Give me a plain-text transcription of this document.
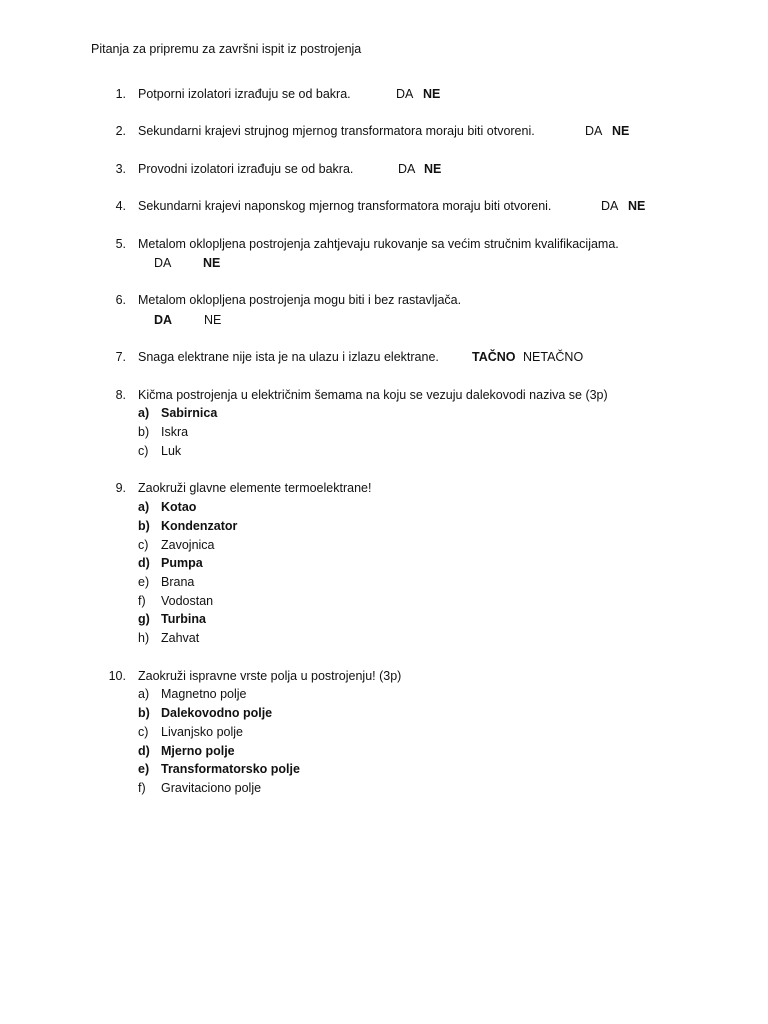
Pitanja za pripremu za završni ispit iz postrojenja
1. Potporni izolatori izrađuju se od bakra.	DA NE
2. Sekundarni krajevi strujnog mjernog transformatora moraju biti otvoreni.	DA NE
3. Provodni izolatori izrađuju se od bakra.	DA NE
4. Sekundarni krajevi naponskog mjernog transformatora moraju biti otvoreni.	DA NE
5. Metalom oklopljena postrojenja zahtjevaju rukovanje sa većim stručnim kvalifikacijama.
DA	NE
6. Metalom oklopljena postrojenja mogu biti i bez rastavljača.
DA	NE
7. Snaga elektrane nije ista je na ulazu i izlazu elektrane.	TAČNO NETAČNO
8. Kičma postrojenja u električnim šemama na koju se vezuju dalekovodi naziva se (3p)
a) Sabirnica
b) Iskra
c) Luk
9. Zaokruži glavne elemente termoelektrane!
a) Kotao
b) Kondenzator
c) Zavojnica
d) Pumpa
e) Brana
f) Vodostan
g) Turbina
h) Zahvat
10. Zaokruži ispravne vrste polja u postrojenju! (3p)
a) Magnetno polje
b) Dalekovodno polje
c) Livanjsko polje
d) Mjerno polje
e) Transformatorsko polje
f) Gravitaciono polje
